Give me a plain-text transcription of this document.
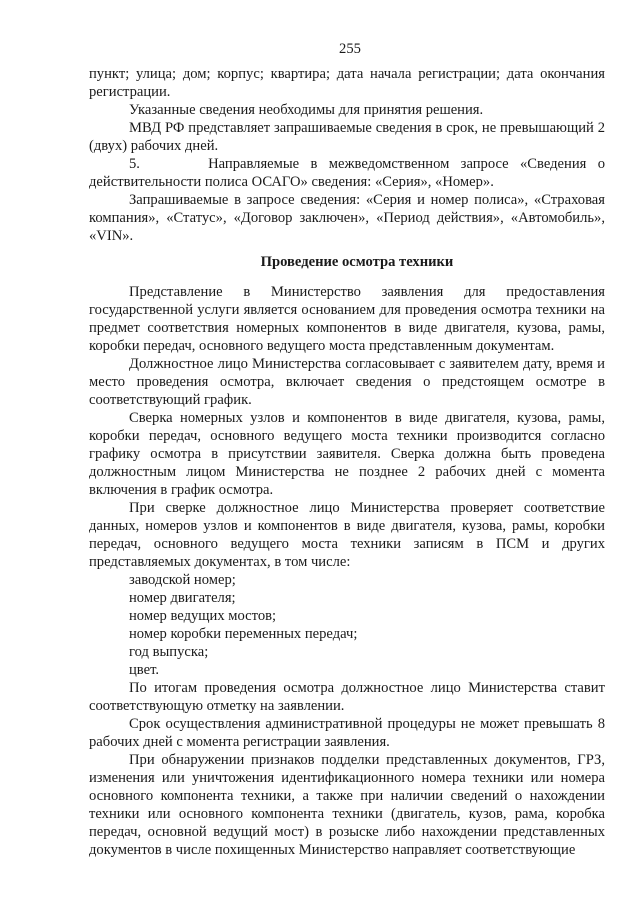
255

пункт; улица; дом; корпус; квартира; дата начала регистрации; дата окончания регистрации.

Указанные сведения необходимы для принятия решения.

МВД РФ представляет запрашиваемые сведения в срок, не превышающий 2 (двух) рабочих дней.

5.      Направляемые в межведомственном запросе «Сведения о действительности полиса ОСАГО» сведения: «Серия», «Номер».

Запрашиваемые в запросе сведения: «Серия и номер полиса», «Страховая компания», «Статус», «Договор заключен», «Период действия», «Автомобиль», «VIN».

Проведение осмотра техники

Представление в Министерство заявления для предоставления государственной услуги является основанием для проведения осмотра техники на предмет соответствия номерных компонентов в виде двигателя, кузова, рамы, коробки передач, основного ведущего моста представленным документам.

Должностное лицо Министерства согласовывает с заявителем дату, время и место проведения осмотра, включает сведения о предстоящем осмотре в соответствующий график.

Сверка номерных узлов и компонентов в виде двигателя, кузова, рамы, коробки передач, основного ведущего моста техники производится согласно графику осмотра в присутствии заявителя. Сверка должна быть проведена должностным лицом Министерства не позднее 2 рабочих дней с момента включения в график осмотра.

При сверке должностное лицо Министерства проверяет соответствие данных, номеров узлов и компонентов в виде двигателя, кузова, рамы, коробки передач, основного ведущего моста техники записям в ПСМ и других представляемых документах, в том числе:

заводской номер;

номер двигателя;

номер ведущих мостов;

номер коробки переменных передач;

год выпуска;

цвет.

По итогам проведения осмотра должностное лицо Министерства ставит соответствующую отметку на заявлении.

Срок осуществления административной процедуры не может превышать 8 рабочих дней с момента регистрации заявления.

При обнаружении признаков подделки представленных документов, ГРЗ, изменения или уничтожения идентификационного номера техники или номера основного компонента техники, а также при наличии сведений о нахождении техники или основного компонента техники (двигатель, кузов, рама, коробка передач, основной ведущий мост) в розыске либо нахождении представленных документов в числе похищенных Министерство направляет соответствующие
